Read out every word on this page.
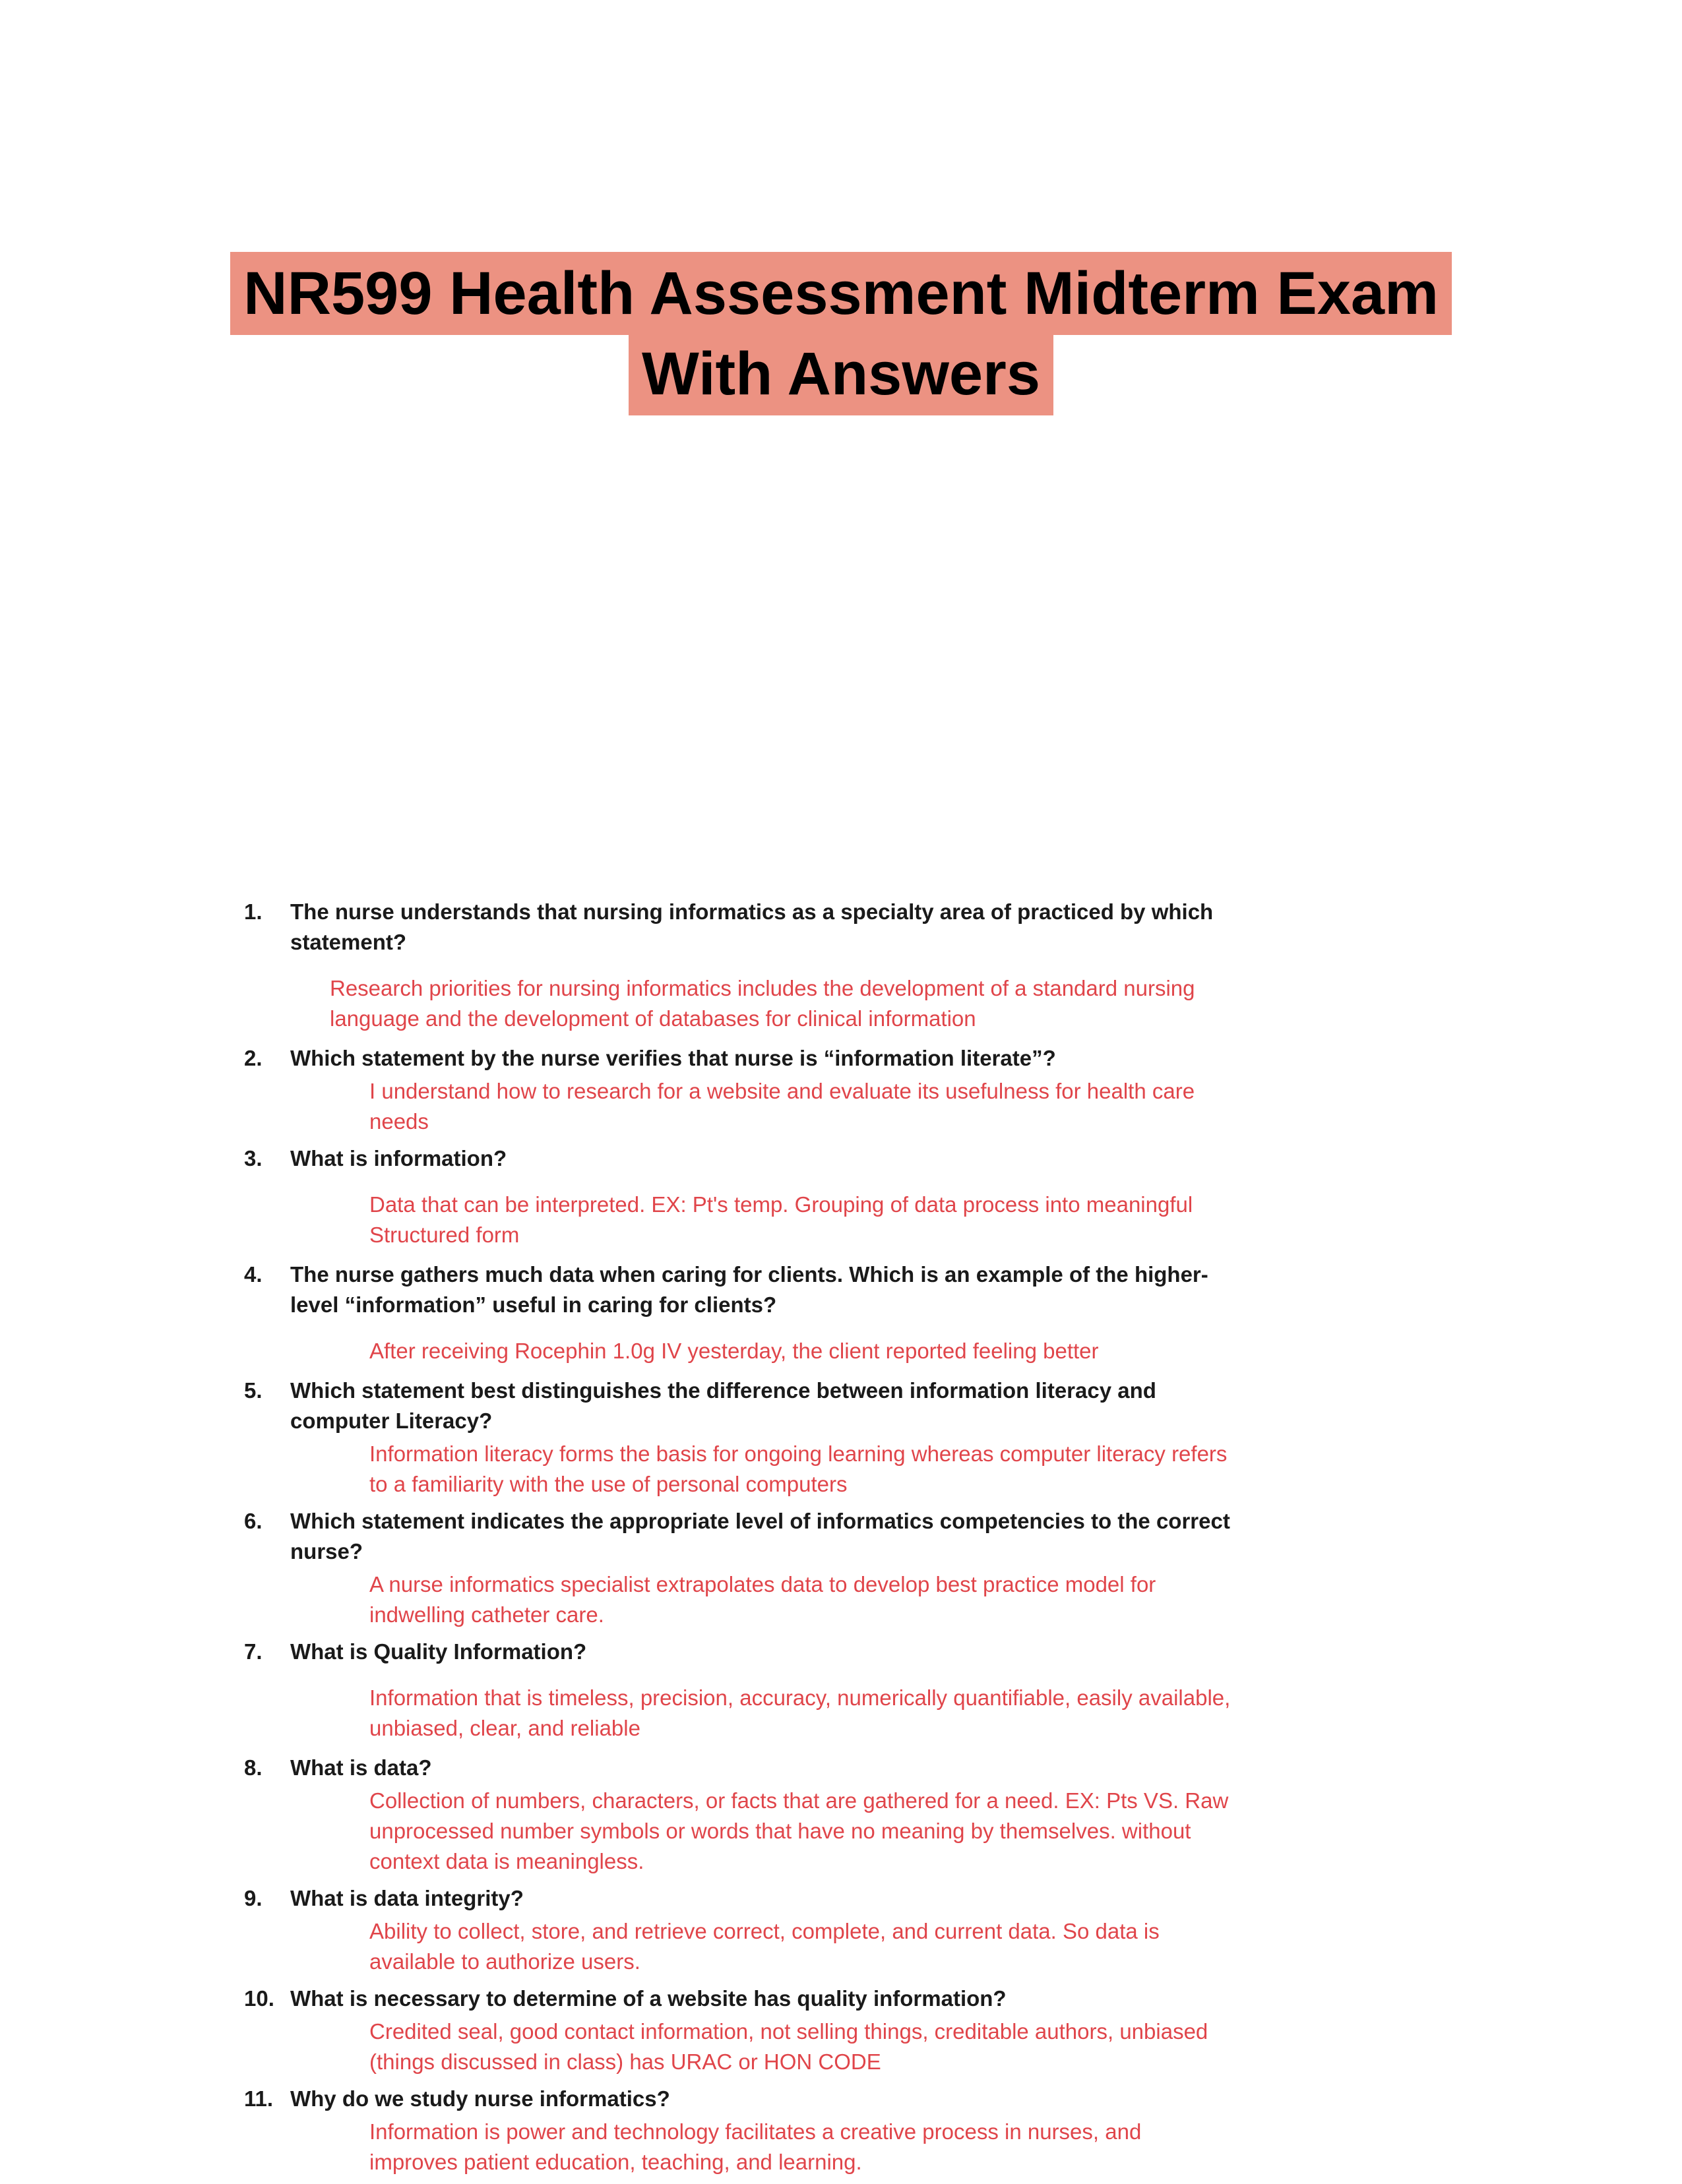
NR599 Health Assessment Midterm Exam
With Answers
1.	The nurse understands that nursing informatics as a specialty area of practiced by which statement?
Research priorities for nursing informatics includes the development of a standard nursing language and the development of databases for clinical information
2.	Which statement by the nurse verifies that nurse is “information literate”?
I understand how to research for a website and evaluate its usefulness for health care needs
3.	What is information?
Data that can be interpreted. EX: Pt's temp. Grouping of data process into meaningful Structured form
4.	The nurse gathers much data when caring for clients. Which is an example of the higher-level “information” useful in caring for clients?
After receiving Rocephin 1.0g IV yesterday, the client reported feeling better
5.	Which statement best distinguishes the difference between information literacy and computer Literacy?
Information literacy forms the basis for ongoing learning whereas computer literacy refers to a familiarity with the use of personal computers
6.	Which statement indicates the appropriate level of informatics competencies to the correct nurse?
A nurse informatics specialist extrapolates data to develop best practice model for indwelling catheter care.
7.	What is Quality Information?
Information that is timeless, precision, accuracy, numerically quantifiable, easily available, unbiased, clear, and reliable
8.	What is data?
Collection of numbers, characters, or facts that are gathered for a need. EX: Pts VS. Raw unprocessed number symbols or words that have no meaning by themselves. without context data is meaningless.
9.	What is data integrity?
Ability to collect, store, and retrieve correct, complete, and current data. So data is available to authorize users.
10. What is necessary to determine of a website has quality information?
Credited seal, good contact information, not selling things, creditable authors, unbiased (things discussed in class) has URAC or HON CODE
11. Why do we study nurse informatics?
Information is power and technology facilitates a creative process in nurses, and improves patient education, teaching, and learning.
